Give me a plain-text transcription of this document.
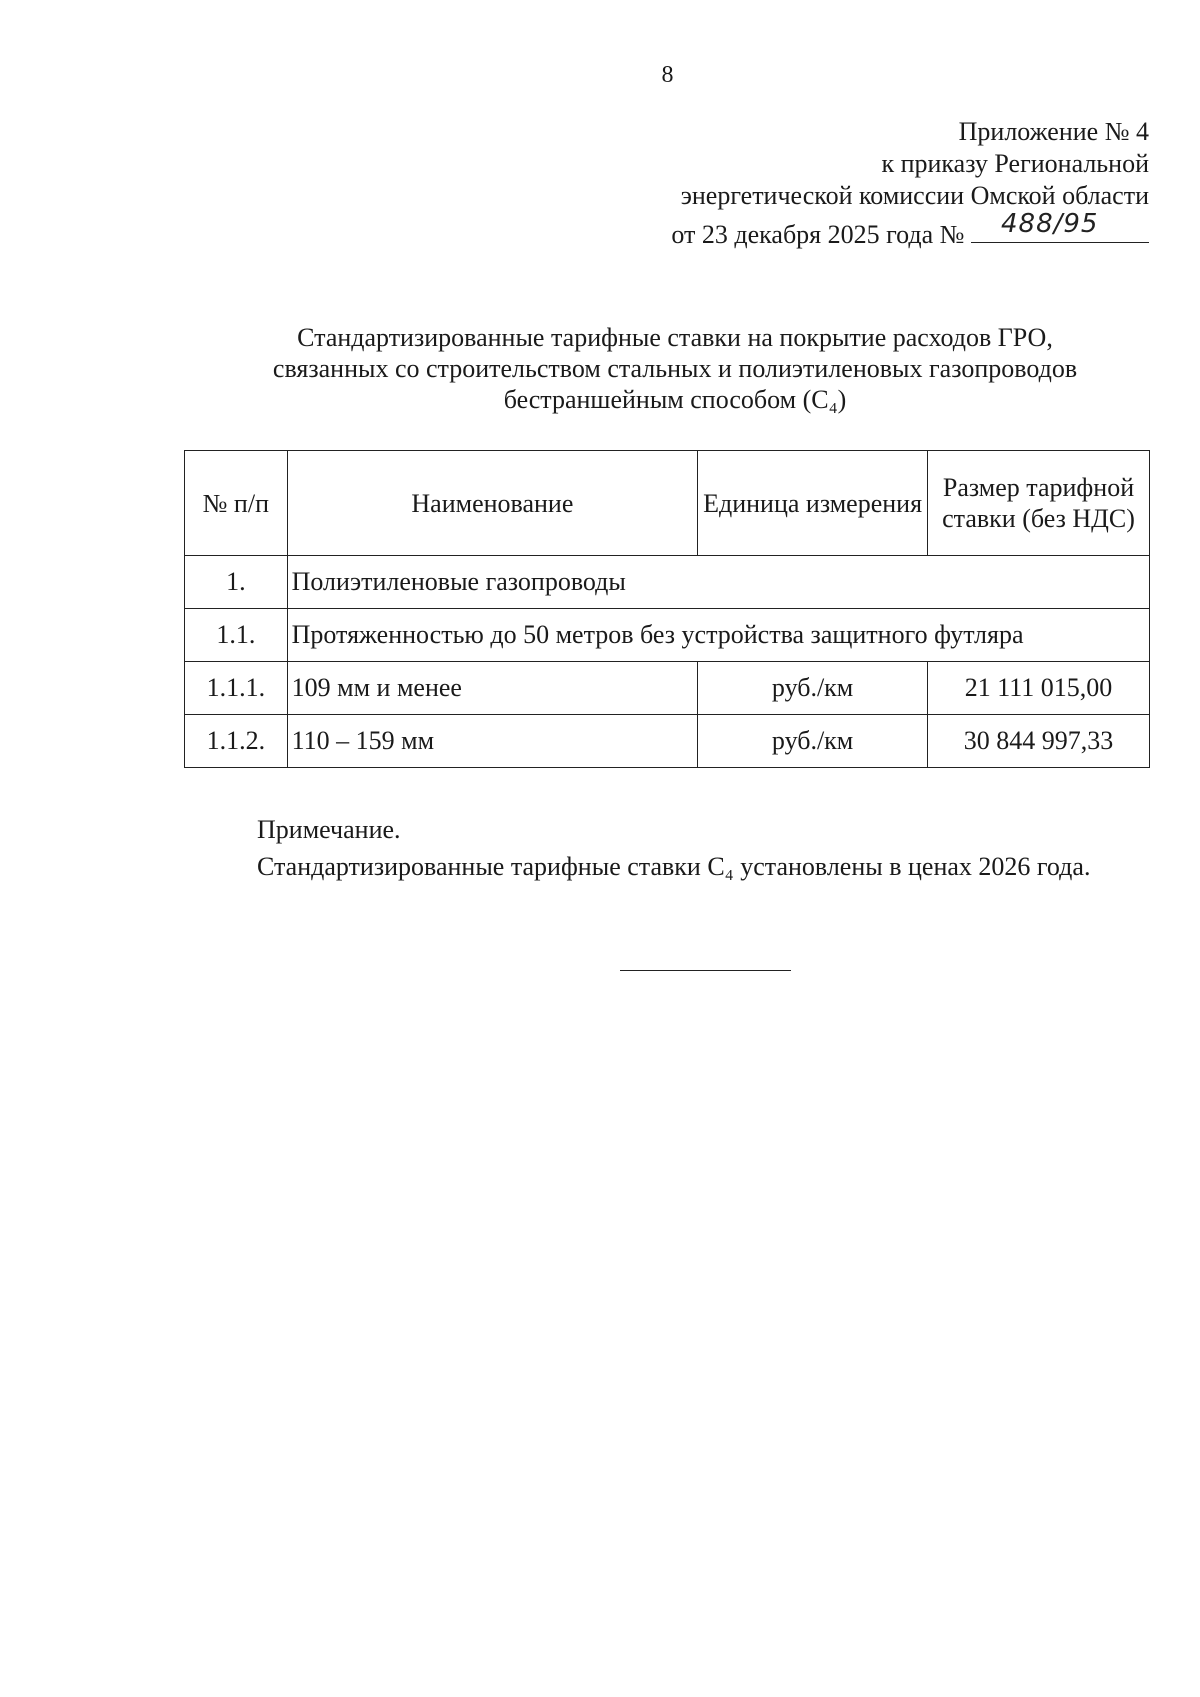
8
Приложение № 4
к приказу Региональной
энергетической комиссии Омской области
от 23 декабря 2025 года № 488/95
Стандартизированные тарифные ставки на покрытие расходов ГРО,
связанных со строительством стальных и полиэтиленовых газопроводов
бестраншейным способом (С₄)
№ п/п	Наименование	Единица измерения	Размер тарифной ставки (без НДС)
1.	Полиэтиленовые газопроводы		
1.1.	Протяженностью до 50 метров без устройства защитного футляра		
1.1.1.	109 мм и менее	руб./км	21 111 015,00
1.1.2.	110 – 159 мм	руб./км	30 844 997,33
Примечание.
Стандартизированные тарифные ставки С₄ установлены в ценах 2026 года.
